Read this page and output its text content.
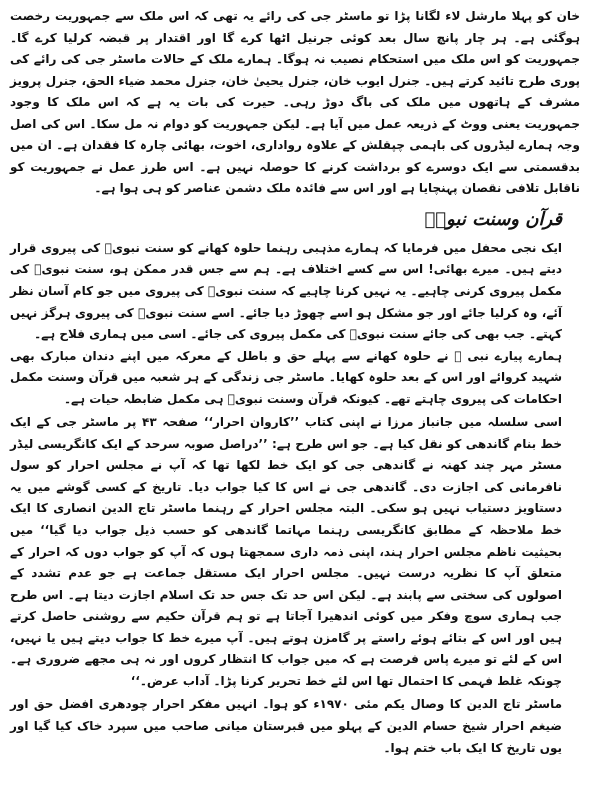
خان کو پہلا مارشل لاء لگانا پڑا تو ماسٹر جی کی رائے یہ تھی کہ اس ملک سے جمہوریت رخصت ہوگئی ہے۔ ہر چار پانچ سال بعد کوئی جرنیل اٹھا کرے گا اور اقتدار پر قبضہ کرلیا کرے گا۔ جمہوریت کو اس ملک میں استحکام نصیب نہ ہوگا۔ ہمارے ملک کے حالات ماسٹر جی کی رائے کی پوری طرح تائید کرتے ہیں۔ جنرل ایوب خان، جنرل یحییٰ خان، جنرل محمد ضیاء الحق، جنرل پرویز مشرف کے ہاتھوں میں ملک کی باگ دوڑ رہی۔ حیرت کی بات یہ ہے کہ اس ملک کا وجود جمہوریت یعنی ووٹ کے ذریعہ عمل میں آیا ہے۔ لیکن جمہوریت کو دوام نہ مل سکا۔ اس کی اصل وجہ ہمارے لیڈروں کی باہمی چپقلش کے علاوہ رواداری، اخوت، بھائی چارہ کا فقدان ہے۔ ان میں بدقسمتی سے ایک دوسرے کو برداشت کرنے کا حوصلہ نہیں ہے۔ اس طرز عمل نے جمہوریت کو ناقابل تلافی نقصان پہنچایا ہے اور اس سے فائدہ ملک دشمن عناصر کو ہی ہوا ہے۔

قرآن وسنت نبویؐ

ایک نجی محفل میں فرمایا کہ ہمارے مذہبی رہنما حلوہ کھانے کو سنت نبویؐ کی پیروی قرار دیتے ہیں۔ میرے بھائی! اس سے کسے اختلاف ہے۔ ہم سے جس قدر ممکن ہو، سنت نبویؐ کی مکمل پیروی کرنی چاہیے۔ یہ نہیں کرنا چاہیے کہ سنت نبویؐ کی پیروی میں جو کام آسان نظر آئے، وہ کرلیا جائے اور جو مشکل ہو اسے چھوڑ دیا جائے۔ اسے سنت نبویؐ کی پیروی ہرگز نہیں کہتے۔ جب بھی کی جائے سنت نبویؐ کی مکمل پیروی کی جائے۔ اسی میں ہماری فلاح ہے۔

ہمارے پیارے نبی ﷺ نے حلوہ کھانے سے پہلے حق و باطل کے معرکہ میں اپنے دندان مبارک بھی شہید کروائے اور اس کے بعد حلوہ کھایا۔ ماسٹر جی زندگی کے ہر شعبہ میں قرآن وسنت مکمل احکامات کی پیروی چاہتے تھے۔ کیونکہ قرآن وسنت نبویؐ ہی مکمل ضابطہ حیات ہے۔

اسی سلسلہ میں جانباز مرزا نے اپنی کتاب ’’کاروان احرار‘‘ صفحہ ۴۳ پر ماسٹر جی کے ایک خط بنام گاندھی کو نقل کیا ہے۔ جو اس طرح ہے: ’’دراصل صوبہ سرحد کے ایک کانگریسی لیڈر مسٹر مہر چند کھنہ نے گاندھی جی کو ایک خط لکھا تھا کہ آپ نے مجلس احرار کو سول نافرمانی کی اجازت دی۔ گاندھی جی نے اس کا کیا جواب دیا۔ تاریخ کے کسی گوشے میں یہ دستاویز دستیاب نہیں ہو سکی۔ البتہ مجلس احرار کے رہنما ماسٹر تاج الدین انصاری کا ایک خط ملاحظہ کے مطابق کانگریسی رہنما مہاتما گاندھی کو حسب ذیل جواب دیا گیا‘‘ میں بحیثیت ناظم مجلس احرار ہند، اپنی ذمہ داری سمجھتا ہوں کہ آپ کو جواب دوں کہ احرار کے متعلق آپ کا نظریہ درست نہیں۔ مجلس احرار ایک مستقل جماعت ہے جو عدم تشدد کے اصولوں کی سختی سے پابند ہے۔ لیکن اس حد تک جس حد تک اسلام اجازت دیتا ہے۔ اس طرح جب ہماری سوچ وفکر میں کوئی اندھیرا آجاتا ہے تو ہم قرآن حکیم سے روشنی حاصل کرتے ہیں اور اس کے بتائے ہوئے راستے پر گامزن ہوتے ہیں۔ آپ میرے خط کا جواب دیتے ہیں یا نہیں، اس کے لئے تو میرے پاس فرصت ہے کہ میں جواب کا انتظار کروں اور نہ ہی مجھے ضروری ہے۔ چونکہ غلط فہمی کا احتمال تھا اس لئے خط تحریر کرنا پڑا۔ آداب عرض۔‘‘

ماسٹر تاج الدین کا وصال یکم مئی ۱۹۷۰ء کو ہوا۔ انہیں مفکر احرار چودھری افضل حق اور ضیغم احرار شیخ حسام الدین کے پہلو میں قبرستان میانی صاحب میں سپرد خاک کیا گیا اور یوں تاریخ کا ایک باب ختم ہوا۔
